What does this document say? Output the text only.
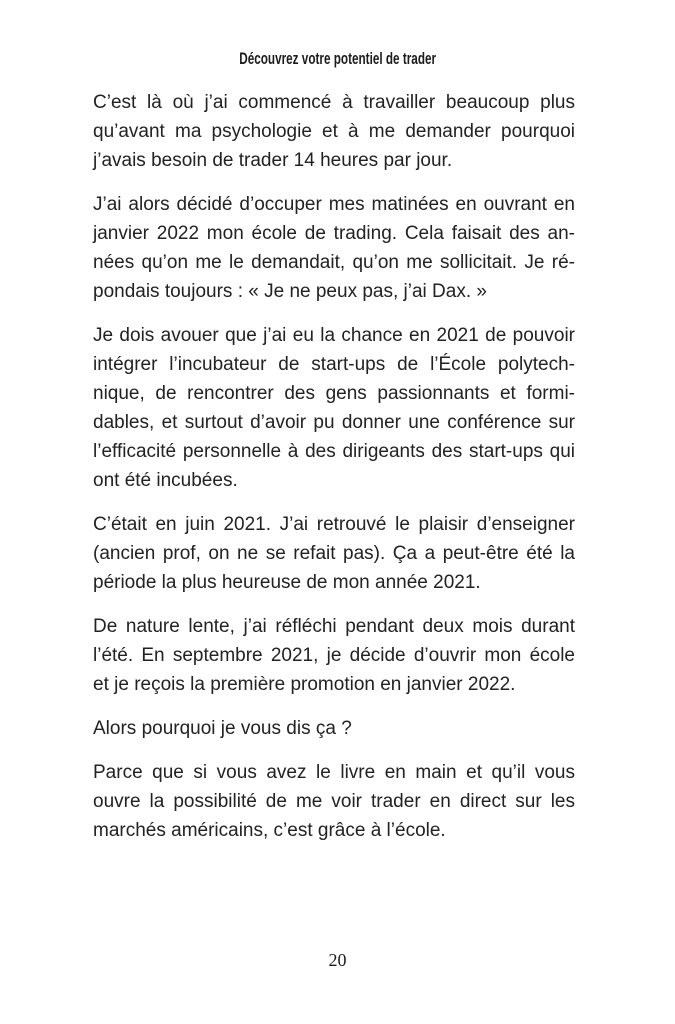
Découvrez votre potentiel de trader
C’est là où j’ai commencé à travailler beaucoup plus
qu’avant ma psychologie et à me demander pourquoi
j’avais besoin de trader 14 heures par jour.
J’ai alors décidé d’occuper mes matinées en ouvrant en
janvier 2022 mon école de trading. Cela faisait des an-
nées qu’on me le demandait, qu’on me sollicitait. Je ré-
pondais toujours : « Je ne peux pas, j’ai Dax. »
Je dois avouer que j’ai eu la chance en 2021 de pouvoir
intégrer l’incubateur de start-ups de l’École polytech-
nique, de rencontrer des gens passionnants et formi-
dables, et surtout d’avoir pu donner une conférence sur
l’efficacité personnelle à des dirigeants des start-ups qui
ont été incubées.
C’était en juin 2021. J’ai retrouvé le plaisir d’enseigner
(ancien prof, on ne se refait pas). Ça a peut-être été la
période la plus heureuse de mon année 2021.
De nature lente, j’ai réfléchi pendant deux mois durant
l’été. En septembre 2021, je décide d’ouvrir mon école
et je reçois la première promotion en janvier 2022.
Alors pourquoi je vous dis ça ?
Parce que si vous avez le livre en main et qu’il vous
ouvre la possibilité de me voir trader en direct sur les
marchés américains, c’est grâce à l’école.
20
